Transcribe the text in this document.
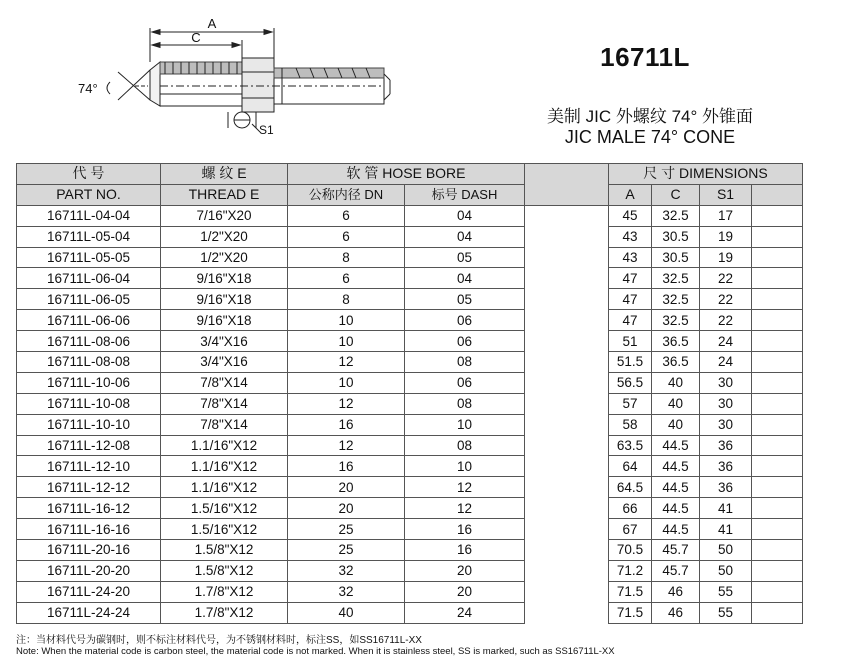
A
C
74°
S1
16711L
美制 JIC 外螺纹 74° 外锥面
JIC MALE 74° CONE
代 号	螺 纹 E	软 管 HOSE BORE			尺 寸 DIMENSIONS			
PART NO.	THREAD E	公称内径 DN	标号 DASH		A	C	S1	
16711L-04-04	7/16"X20	6	04		45	32.5	17	
16711L-05-04	1/2"X20	6	04		43	30.5	19	
16711L-05-05	1/2"X20	8	05		43	30.5	19	
16711L-06-04	9/16"X18	6	04		47	32.5	22	
16711L-06-05	9/16"X18	8	05		47	32.5	22	
16711L-06-06	9/16"X18	10	06		47	32.5	22	
16711L-08-06	3/4"X16	10	06		51	36.5	24	
16711L-08-08	3/4"X16	12	08		51.5	36.5	24	
16711L-10-06	7/8"X14	10	06		56.5	40	30	
16711L-10-08	7/8"X14	12	08		57	40	30	
16711L-10-10	7/8"X14	16	10		58	40	30	
16711L-12-08	1.1/16"X12	12	08		63.5	44.5	36	
16711L-12-10	1.1/16"X12	16	10		64	44.5	36	
16711L-12-12	1.1/16"X12	20	12		64.5	44.5	36	
16711L-16-12	1.5/16"X12	20	12		66	44.5	41	
16711L-16-16	1.5/16"X12	25	16		67	44.5	41	
16711L-20-16	1.5/8"X12	25	16		70.5	45.7	50	
16711L-20-20	1.5/8"X12	32	20		71.2	45.7	50	
16711L-24-20	1.7/8"X12	32	20		71.5	46	55	
16711L-24-24	1.7/8"X12	40	24		71.5	46	55	
注：当材料代号为碳钢时，则不标注材料代号，为不锈钢材料时，标注SS，如SS16711L-XX
Note: When the material code is carbon steel, the material code is not marked. When it is stainless steel, SS is marked, such as SS16711L-XX
